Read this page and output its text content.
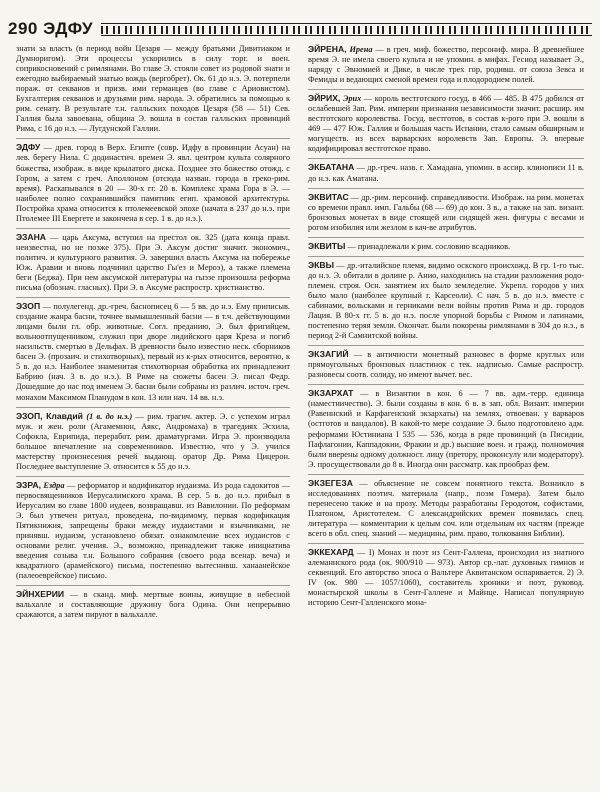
290 ЭДФУ

знати за власть (в период войн Цезаря — между братьями Дивитиаком и Думноригом). Эти процессы ускорились в силу торг. и воен. соприкосновений с римлянами. Во главе Э. стояли совет из родовой знати и ежегодно выбираемый знатью вождь (вергобрет). Ок. 61 до н.э. Э. потерпели пораж. от секванов и призв. ими германцев (во главе с Ариовистом). Бухгалтерия секванов и друзьями рим. народа. Э. обратились за помощью к рим. сенату. В результате т.н. галльских походов Цезаря (58 — 51) Сев. Галлия была завоевана, община Э. вошла в состав галльских провинций Рима, с 16 до н.э. — Лугдунской Галлии.

ЭДФУ — древ. город в Верх. Египте (совр. Идфу в провинции Асуан) на лев. берегу Нила. С додинастич. времен Э. явл. центром культа солярного божества, изображ. в виде крылатого диска. Позднее это божество отожд. с Гором, а затем с греч. Аполлоном (отсюда назван. города в греко-рим. время). Раскапывался в 20 — 30-х гг. 20 в. Комплекс храма Гора в Э. — наиболее полно сохранившийся памятник егип. храмовой архитектуры. Постройка храма относится к птолемеевской эпохе (начата в 237 до н.э. при Птолемее III Евергете и закончена в сер. 1 в. до н.э.).

ЭЗАНА — царь Аксума, вступил на престол ок. 325 (дата конца правл. неизвестна, но не позже 375). При Э. Аксум достиг значит. экономич., политич. и культурного развития. Э. завершил власть Аксума на побережье Юж. Аравии и вновь подчинил царство Гы'ез и Мероэ), а также племена беги (Беджа). При нем аксумской литературы на гыэзе произошла реформа письма (обознач. гласных). При Э. в Аксуме распростр. христианство.

ЭЗОП — полулегенд. др.-греч. баснописец 6 — 5 вв. до н.э. Ему приписыв. создание жанра басни, точнее вымышленный басни — в т.ч. действующими лицами были гл. обр. животные. Согл. преданию, Э. был фригийцем, вольноотпущенником, служил при дворе лидийского царя Креза и погиб насильств. смертью в Дельфах. В древности было известно неск. сборников басен Э. (прозаич. и стихотворных), первый из к-рых относится, вероятно, к 5 в. до н.э. Наиболее знаменитая стихотворная обработка их принадлежит Бабрию (нач. 3 в. до н.э.). В Риме на сюжеты басен Э. писал Федр. Дошедшие до нас под именем Э. басни были собраны из различ. источ. греч. монахом Максимом Планудом в кон. 13 или нач. 14 вв. н.э.

ЭЗОП, Клавдий (1 в. до н.э.) — рим. трагич. актер. Э. с успехом играл муж. и жен. роли (Агамемнон, Аякс, Андромаха) в трагедиях Эсхила, Софокла, Еврипида, переработ. рим. драматургами. Игра Э. производила большое впечатление на современников. Известно, что у Э. учился мастерству произнесения речей выдающ. оратор Др. Рима Цицерон. Последнее выступление Э. относится к 55 до н.э.

ЭЗРА, Ездра — реформатор и кодификатор иудаизма. Из рода садокитов — первосвященников Иерусалимского храма. В сер. 5 в. до н.э. прибыл в Иерусалим во главе 1800 иудеев, возвращавш. из Вавилонии. По реформам Э. был утвечен ритуал, проведена, по-видимому, первая кодификация Пятикнижия, запрещены браки между иудаистами и язычниками, не принявш. иудаизм, установлено обязат. ознакомление всех иудаистов с основами религ. учения. Э., возможно, принадлежит также инициатива введения созыва т.н. Большого собрания (своего рода всенар. веча) и квадратного (арамейского) письма, постепенно вытеснивш. ханаанейское (палеоеврейское) письмо.

ЭЙНХЕРИИ — в сканд. миф. мертвые воины, живущие в небесной вальхалле и составляющие дружину бога Одина. Они непрерывно сражаются, а затем пируют в вальхалле.

ЭЙРЕНА, Ирена — в греч. миф. божество, персониф. мира. В древнейшее время Э. не имела своего культа и не упомин. в мифах. Гесиод называет Э., наряду с Эвномией и Дике, в числе трех гор, родивш. от союза Зевса и Фемиды и ведающих сменой времен года и плодородием полей.

ЭЙРИХ, Эрих — король вестготского госуд. в 466 — 485. В 475 добился от ослабевшей Зап. Рим. империи признания независимости значит. расшир. им вестготского королевства. Госуд. вестготов, в состав к-рого при Э. вошли в 469 — 477 Юж. Галлия и большая часть Испании, стало самым обширным и могуществ. из всех варварских королевств Зап. Европы. Э. впервые кодифицировал вестготское право.

ЭКБАТАНА — др.-греч. назв. г. Хамадана, упомин. в ассир. клинописи 11 в. до н.э. как Аматана.

ЭКВИТАС — др.-рим. персониф. справедливости. Изображ. на рим. монетах со времени правл. имп. Гальбы (68 — 69) до кон. 3 в., а также на зап. визант. бронзовых монетах в виде стоящей или сидящей жен. фигуры с весами и рогом изобилия или жезлом в кач-ве атрибутов.

ЭКВИТЫ — принадлежали к рим. сословию всадников.

ЭКВЫ — др.-италийское племя, видимо оскского происхожд. В гр. 1-го тыс. до н.э. Э. обитали в долине р. Анио, находились на стадии разложения родо-племен. строя. Осн. занятием их было земледелие. Укрепл. городов у них было мало (наиболее крупный г. Карсеоли). С нач. 5 в. до н.э. вместе с сабинами, вольсками и герниками вели войны против Рима и др. городов Лация. В 80-х гг. 5 в. до н.э. после упорной борьбы с Римом и латинами, постепенно теряя земли. Окончат. были покорены римлянами в 304 до н.э., в период 2-й Самнитской войны.

ЭКЗАГИЙ — в античности монетный разновес в форме круглых или прямоугольных бронзовых пластинок с тек. надписью. Самые распростр. разновесы соотв. солиду, но имеют вычет. вес.

ЭКЗАРХАТ — в Византии в кон. 6 — 7 вв. адм.-терр. единица (наместничество). Э. были созданы в кон. 6 в. в зап. обл. Визант. империи (Равеннский и Карфагенский экзархаты) на землях, отвоеван. у варваров (остготов и вандалов). В какой-то мере создание Э. было подготовлено адм. реформами Юстиниана I 535 — 536, когда в ряде провинций (в Писидии, Пафлагонии, Каппадокии, Фракии и др.) высшие воен. и гражд. полномочия были вверены одному должност. лицу (претору, проконсулу или модератору). Э. просуществовали до 8 в. Иногда они рассматр. как прообраз фем.

ЭКЗЕГЕЗА — объяснение не совсем понятного текста. Возникло в исследованиях поэтич. материала (напр., поэм Гомера). Затем было перенесено также и на прозу. Методы разработаны Геродотом, софистами, Платоном, Аристотелем. С александрийских времен появилась спец. литература — комментарии к целым соч. или отдельным их частям (прежде всего в обл. спец. знаний — медицины, рим. право, толкования Библии).

ЭККЕХАРД — I) Монах и поэт из Сент-Галлена, происходил из знатного алеманнского рода (ок. 900/910 — 973). Автор ср.-лат. духовных гимнов и секвенций. Его авторство эпоса о Вальтере Аквитанском оспаривается. 2) Э. IV (ок. 980 — 1057/1060), составитель хроники и поэт, руковод. монастырской школы в Сент-Галлене и Майнце. Написал популярную историю Сент-Галленского мона-
